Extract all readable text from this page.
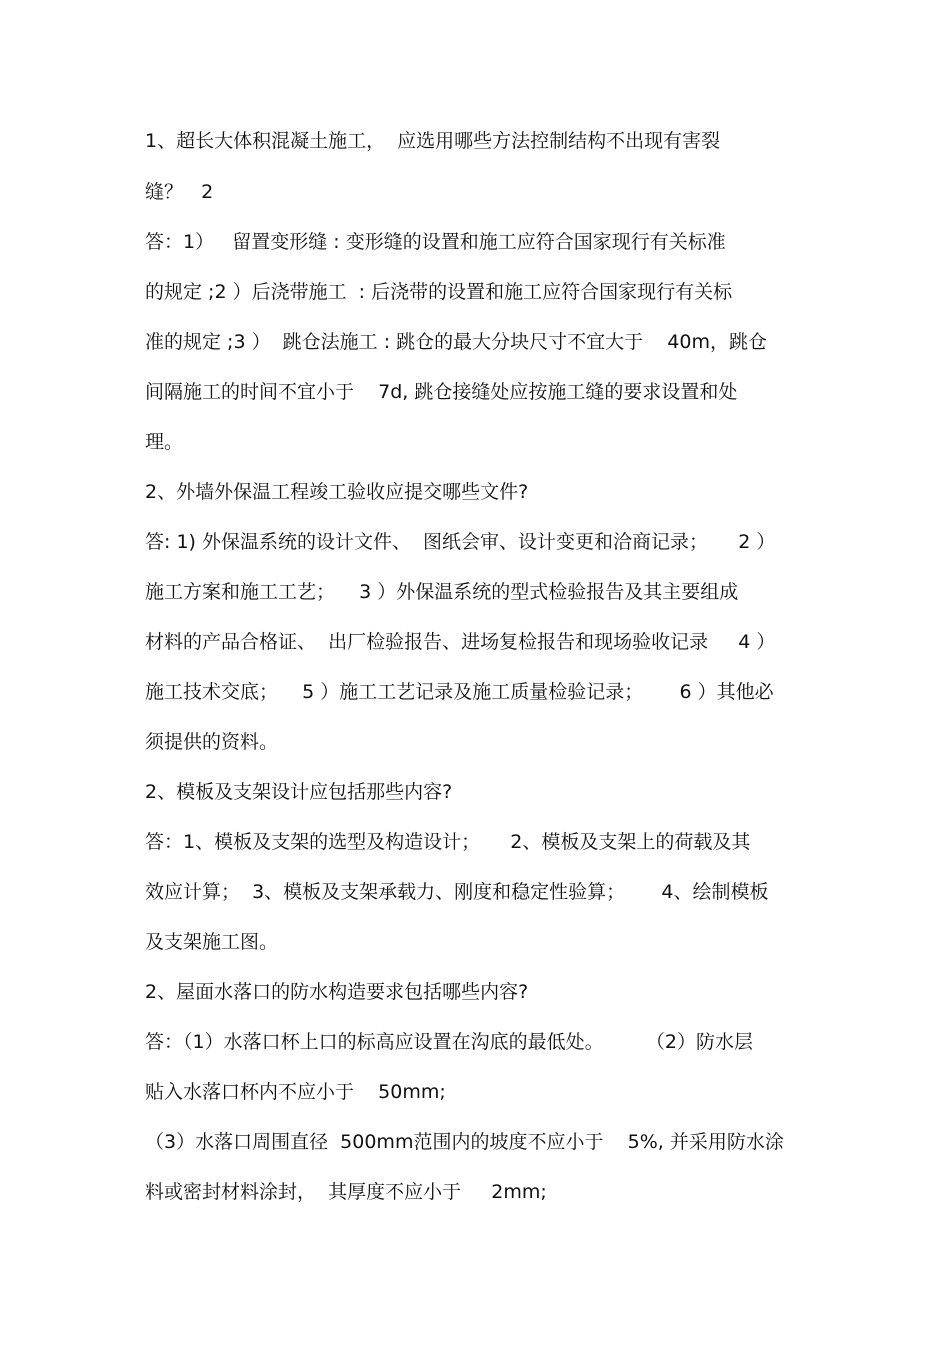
1、超长大体积混凝土施工，  应选用哪些方法控制结构不出现有害裂
缝？   2
答：1）   留置变形缝 : 变形缝的设置和施工应符合国家现行有关标准
的规定 ;2 ）后浇带施工  : 后浇带的设置和施工应符合国家现行有关标
准的规定 ;3 ）  跳仓法施工 : 跳仓的最大分块尺寸不宜大于    40m，跳仓
间隔施工的时间不宜小于    7d, 跳仓接缝处应按施工缝的要求设置和处
理。
2、外墙外保温工程竣工验收应提交哪些文件?
答: 1) 外保温系统的设计文件、  图纸会审、设计变更和洽商记录；     2 ）
施工方案和施工工艺；    3 ）外保温系统的型式检验报告及其主要组成
材料的产品合格证、  出厂检验报告、进场复检报告和现场验收记录     4 ）
施工技术交底；    5 ）施工工艺记录及施工质量检验记录；      6 ）其他必
须提供的资料。
2、模板及支架设计应包括那些内容?
答：1、模板及支架的选型及构造设计；     2、模板及支架上的荷载及其
效应计算；  3、模板及支架承载力、刚度和稳定性验算；      4、绘制模板
及支架施工图。
2、屋面水落口的防水构造要求包括哪些内容?
答：（1）水落口杯上口的标高应设置在沟底的最低处。       （2）防水层
贴入水落口杯内不应小于    50mm;
（3）水落口周围直径  500mm范围内的坡度不应小于    5%, 并采用防水涂
料或密封材料涂封，  其厚度不应小于     2mm;
